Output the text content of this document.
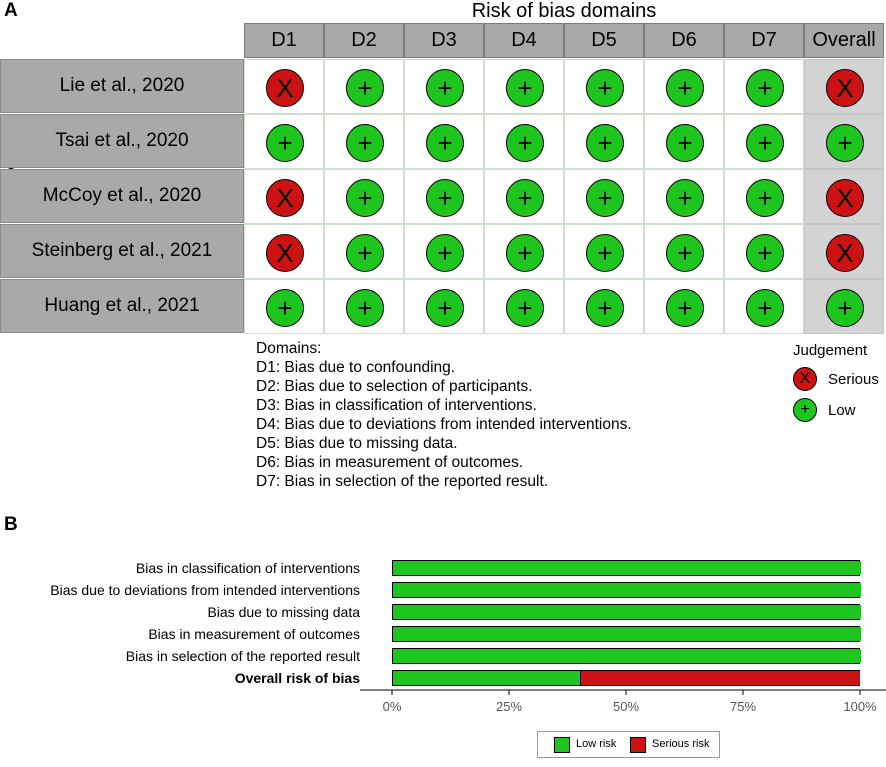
A	Risk of bias domains
D1	D2	D3	D4	D5	D6	D7	Overall
Lie et al., 2020	X	+	+	+	+	+	+	X
Tsai et al., 2020	+	+	+	+	+	+	+	+
McCoy et al., 2020	X	+	+	+	+	+	+	X
Steinberg et al., 2021	X	+	+	+	+	+	+	X
Huang et al., 2021	+	+	+	+	+	+	+	+
Domains:
D1: Bias due to confounding.
D2: Bias due to selection of participants.
D3: Bias in classification of interventions.
D4: Bias due to deviations from intended interventions.
D5: Bias due to missing data.
D6: Bias in measurement of outcomes.
D7: Bias in selection of the reported result.
Judgement
X	Serious
+	Low
B
Bias in classification of interventions
Bias due to deviations from intended interventions
Bias due to missing data
Bias in measurement of outcomes
Bias in selection of the reported result
Overall risk of bias
0%	25%	50%	75%	100%
Low risk	Serious risk
